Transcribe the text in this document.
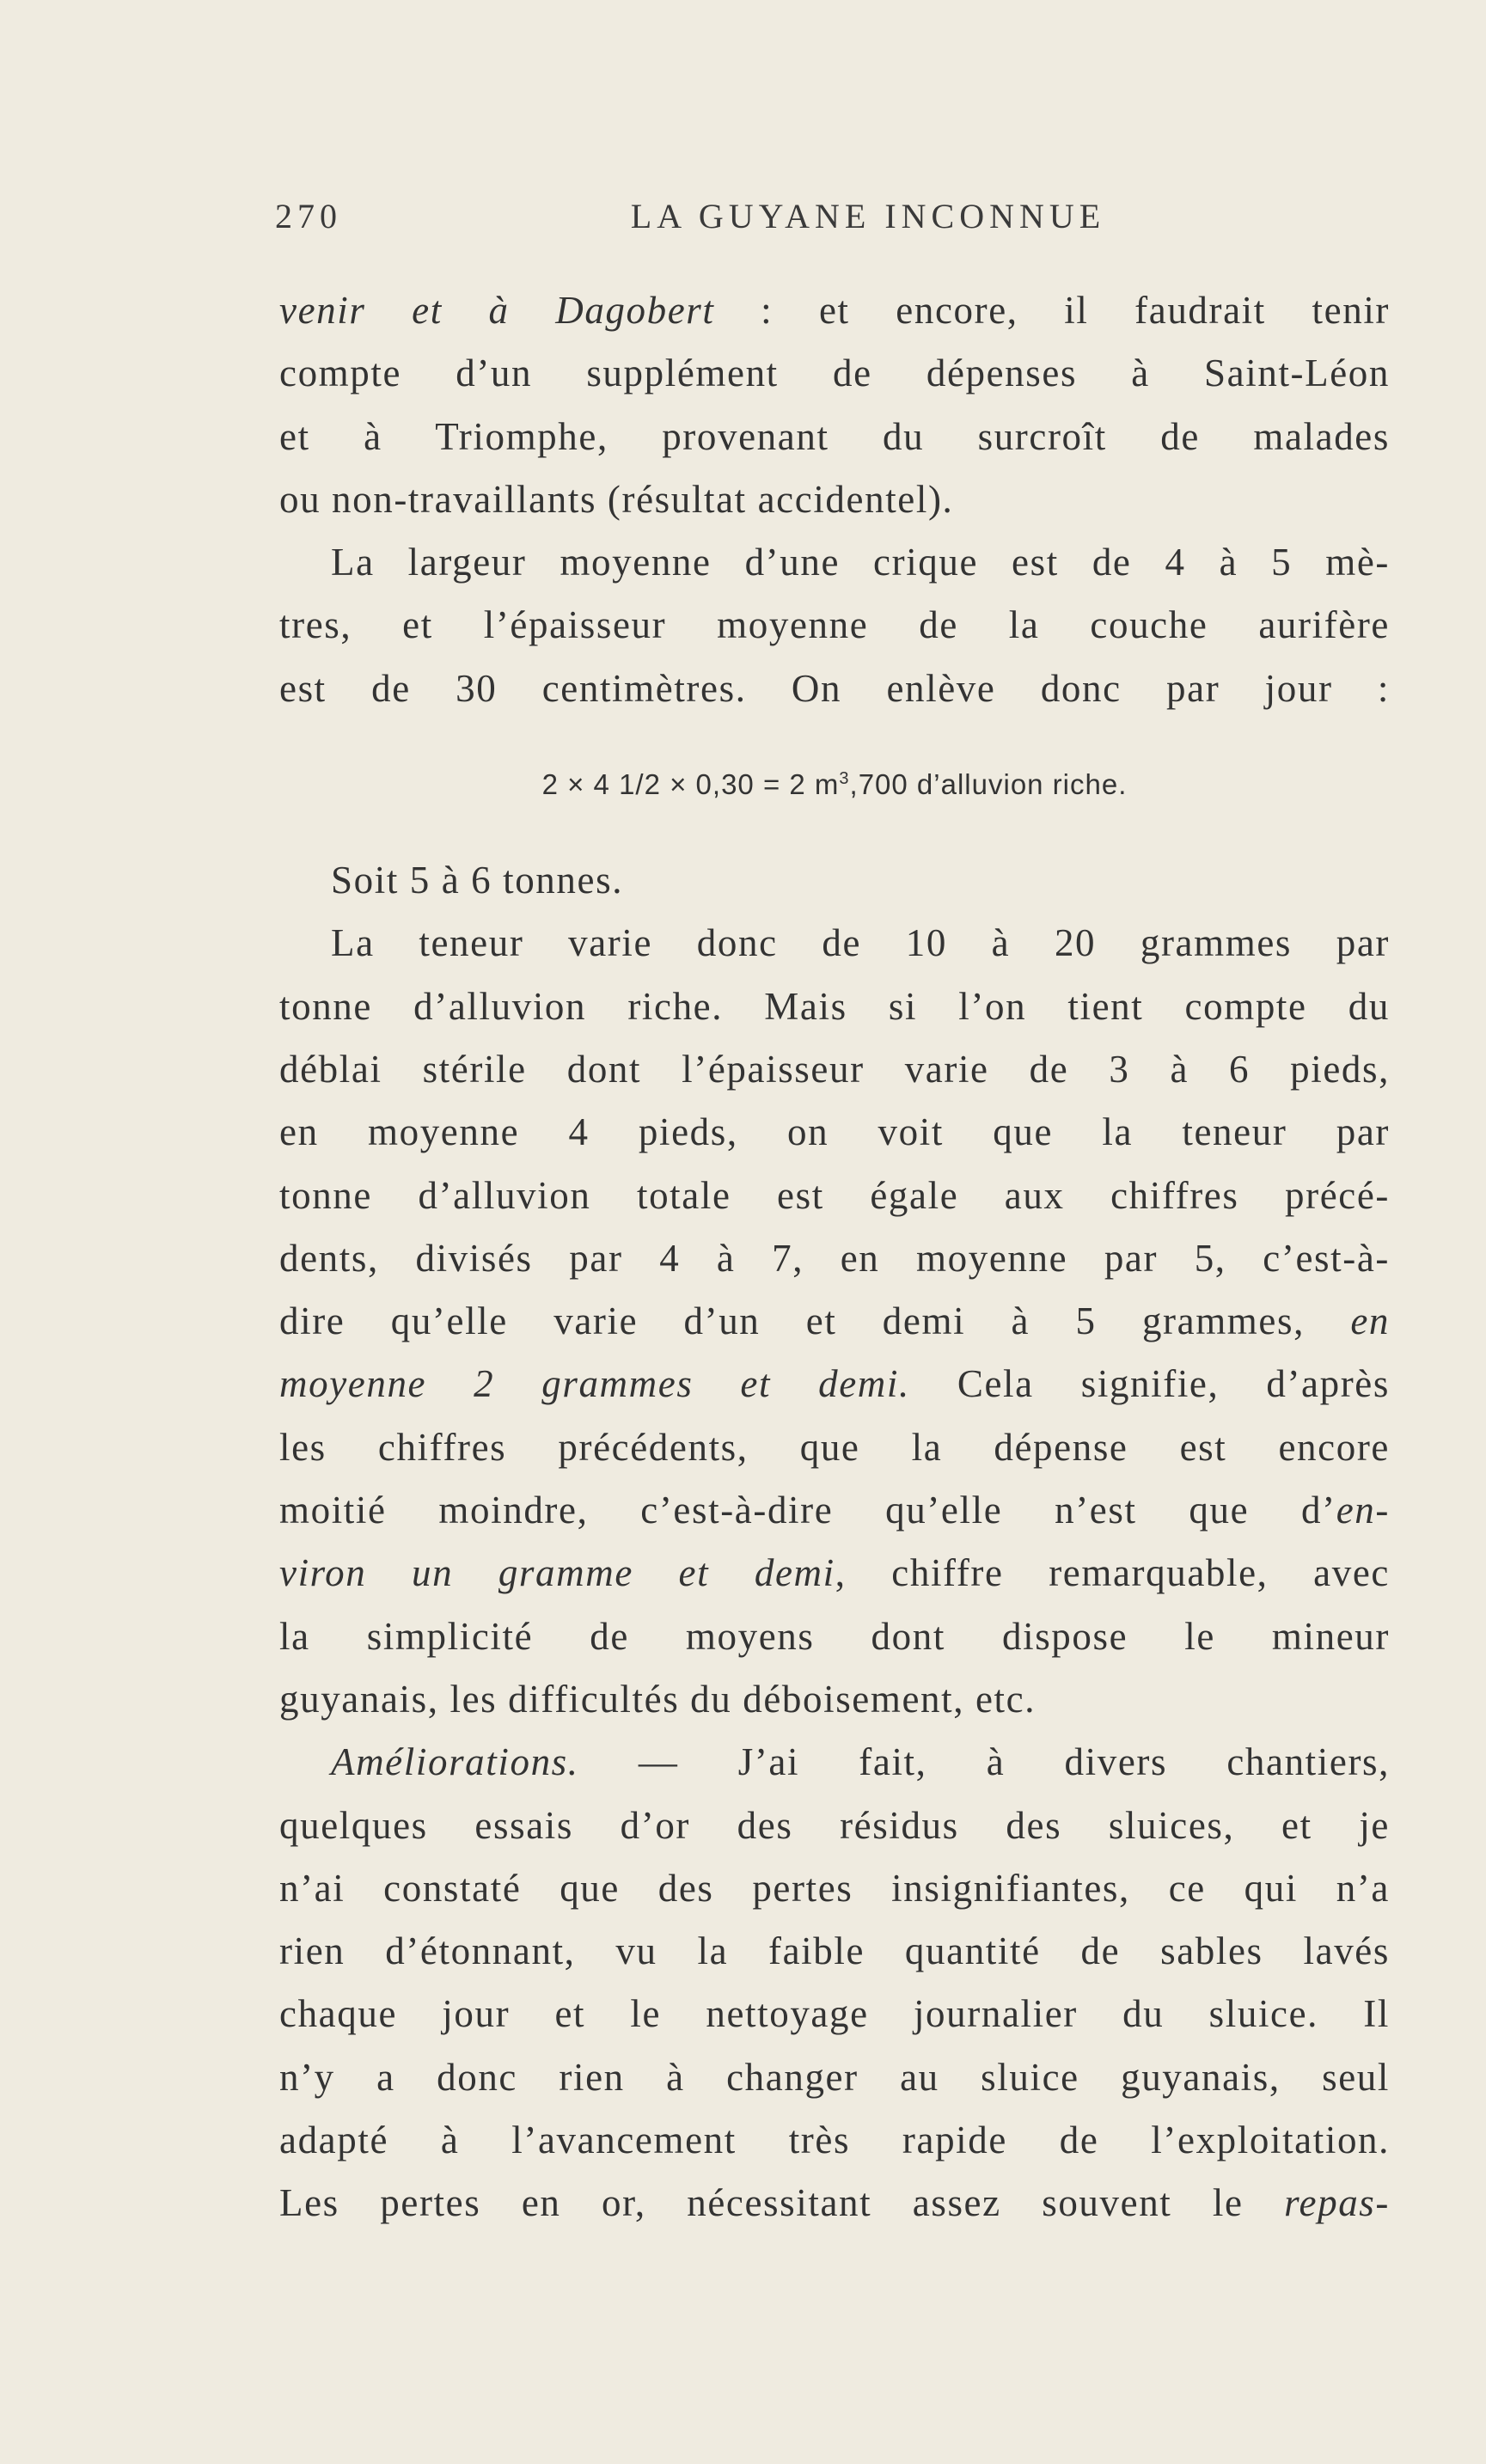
270	LA GUYANE INCONNUE
venir et à Dagobert : et encore, il faudrait tenir
compte d’un supplément de dépenses à Saint-Léon
et à Triomphe, provenant du surcroît de malades
ou non-travaillants (résultat accidentel).
La largeur moyenne d’une crique est de 4 à 5 mè-
tres, et l’épaisseur moyenne de la couche aurifère
est de 30 centimètres. On enlève donc par jour :
2 × 4 1/2 × 0,30 = 2 $m^3,700$ d’alluvion riche.
Soit 5 à 6 tonnes.
La teneur varie donc de 10 à 20 grammes par
tonne d’alluvion riche. Mais si l’on tient compte du
déblai stérile dont l’épaisseur varie de 3 à 6 pieds,
en moyenne 4 pieds, on voit que la teneur par
tonne d’alluvion totale est égale aux chiffres précé-
dents, divisés par 4 à 7, en moyenne par 5, c’est-à-
dire qu’elle varie d’un et demi à 5 grammes, en
moyenne 2 grammes et demi. Cela signifie, d’après
les chiffres précédents, que la dépense est encore
moitié moindre, c’est-à-dire qu’elle n’est que d’en-
viron un gramme et demi, chiffre remarquable, avec
la simplicité de moyens dont dispose le mineur
guyanais, les difficultés du déboisement, etc.
Améliorations. — J’ai fait, à divers chantiers,
quelques essais d’or des résidus des sluices, et je
n’ai constaté que des pertes insignifiantes, ce qui n’a
rien d’étonnant, vu la faible quantité de sables lavés
chaque jour et le nettoyage journalier du sluice. Il
n’y a donc rien à changer au sluice guyanais, seul
adapté à l’avancement très rapide de l’exploitation.
Les pertes en or, nécessitant assez souvent le repas-
